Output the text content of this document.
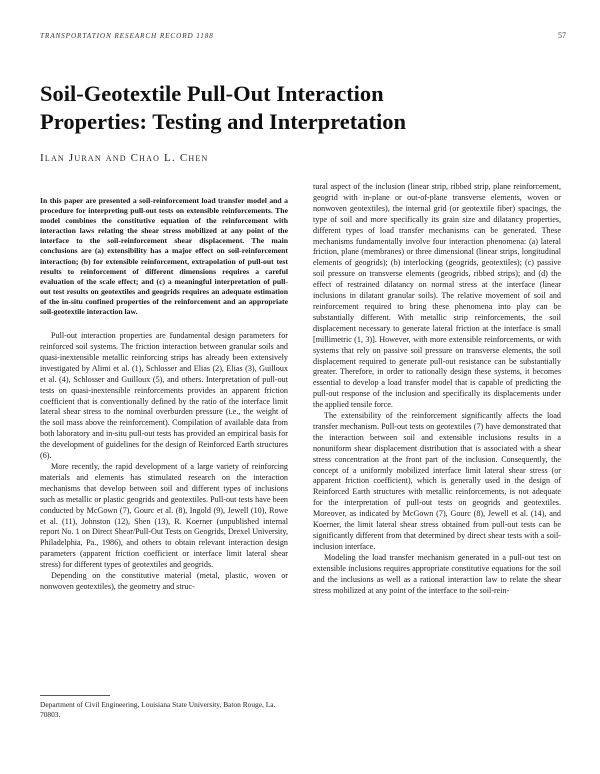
TRANSPORTATION RESEARCH RECORD 1188	57
Soil-Geotextile Pull-Out Interaction
Properties: Testing and Interpretation
Ilan Juran and Chao L. Chen

In this paper are presented a soil-reinforcement load transfer model and a procedure for interpreting pull-out tests on extensible reinforcements. The model combines the constitutive equation of the reinforcement with interaction laws relating the shear stress mobilized at any point of the interface to the soil-reinforcement shear displacement. The main conclusions are (a) extensibility has a major effect on soil-reinforcement interaction; (b) for extensible reinforcement, extrapolation of pull-out test results to reinforcement of different dimensions requires a careful evaluation of the scale effect; and (c) a meaningful interpretation of pull-out test results on geotextiles and geogrids requires an adequate estimation of the in-situ confined properties of the reinforcement and an appropriate soil-geotextile interaction law.

Pull-out interaction properties are fundamental design parameters for reinforced soil systems. The friction interaction between granular soils and quasi-inextensible metallic reinforcing strips has already been extensively investigated by Alimi et al. (1), Schlosser and Elias (2), Elias (3), Guilloux et al. (4), Schlosser and Guilloux (5), and others. Interpretation of pull-out tests on quasi-inextensible reinforcements provides an apparent friction coefficient that is conventionally defined by the ratio of the interface limit lateral shear stress to the nominal overburden pressure (i.e., the weight of the soil mass above the reinforcement). Compilation of available data from both laboratory and in-situ pull-out tests has provided an empirical basis for the development of guidelines for the design of Reinforced Earth structures (6).

More recently, the rapid development of a large variety of reinforcing materials and elements has stimulated research on the interaction mechanisms that develop between soil and different types of inclusions such as metallic or plastic geogrids and geotextiles. Pull-out tests have been conducted by McGown (7), Gourc et al. (8), Ingold (9), Jewell (10), Rowe et al. (11), Johnston (12), Shen (13), R. Koerner (unpublished internal report No. 1 on Direct Shear/Pull-Out Tests on Geogrids, Drexel University, Philadelphia, Pa., 1986), and others to obtain relevant interaction design parameters (apparent friction coefficient or interface limit lateral shear stress) for different types of geotextiles and geogrids.

Depending on the constitutive material (metal, plastic, woven or nonwoven geotextiles), the geometry and struc-

tural aspect of the inclusion (linear strip, ribbed strip, plane reinforcement, geogrid with in-plane or out-of-plane transverse elements, woven or nonwoven geotextiles), the internal grid (or geotextile fiber) spacings, the type of soil and more specifically its grain size and dilatancy properties, different types of load transfer mechanisms can be generated. These mechanisms fundamentally involve four interaction phenomena: (a) lateral friction, plane (membranes) or three dimensional (linear strips, longitudinal elements of geogrids); (b) interlocking (geogrids, geotextiles); (c) passive soil pressure on transverse elements (geogrids, ribbed strips); and (d) the effect of restrained dilatancy on normal stress at the interface (linear inclusions in dilatant granular soils). The relative movement of soil and reinforcement required to bring these phenomena into play can be substantially different. With metallic strip reinforcements, the soil displacement necessary to generate lateral friction at the interface is small [millimetric (1, 3)]. However, with more extensible reinforcements, or with systems that rely on passive soil pressure on transverse elements, the soil displacement required to generate pull-out resistance can be substantially greater. Therefore, in order to rationally design these systems, it becomes essential to develop a load transfer model that is capable of predicting the pull-out response of the inclusion and specifically its displacements under the applied tensile force.

The extensibility of the reinforcement significantly affects the load transfer mechanism. Pull-out tests on geotextiles (7) have demonstrated that the interaction between soil and extensible inclusions results in a nonuniform shear displacement distribution that is associated with a shear stress concentration at the front part of the inclusion. Consequently, the concept of a uniformly mobilized interface limit lateral shear stress (or apparent friction coefficient), which is generally used in the design of Reinforced Earth structures with metallic reinforcements, is not adequate for the interpretation of pull-out tests on geogrids and geotextiles. Moreover, as indicated by McGown (7), Gourc (8), Jewell et al. (14), and Koerner, the limit lateral shear stress obtained from pull-out tests can be significantly different from that determined by direct shear tests with a soil-inclusion interface.

Modeling the load transfer mechanism generated in a pull-out test on extensible inclusions requires appropriate constitutive equations for the soil and the inclusions as well as a rational interaction law to relate the shear stress mobilized at any point of the interface to the soil-rein-

Department of Civil Engineering, Louisiana State University, Baton Rouge, La. 70803.
